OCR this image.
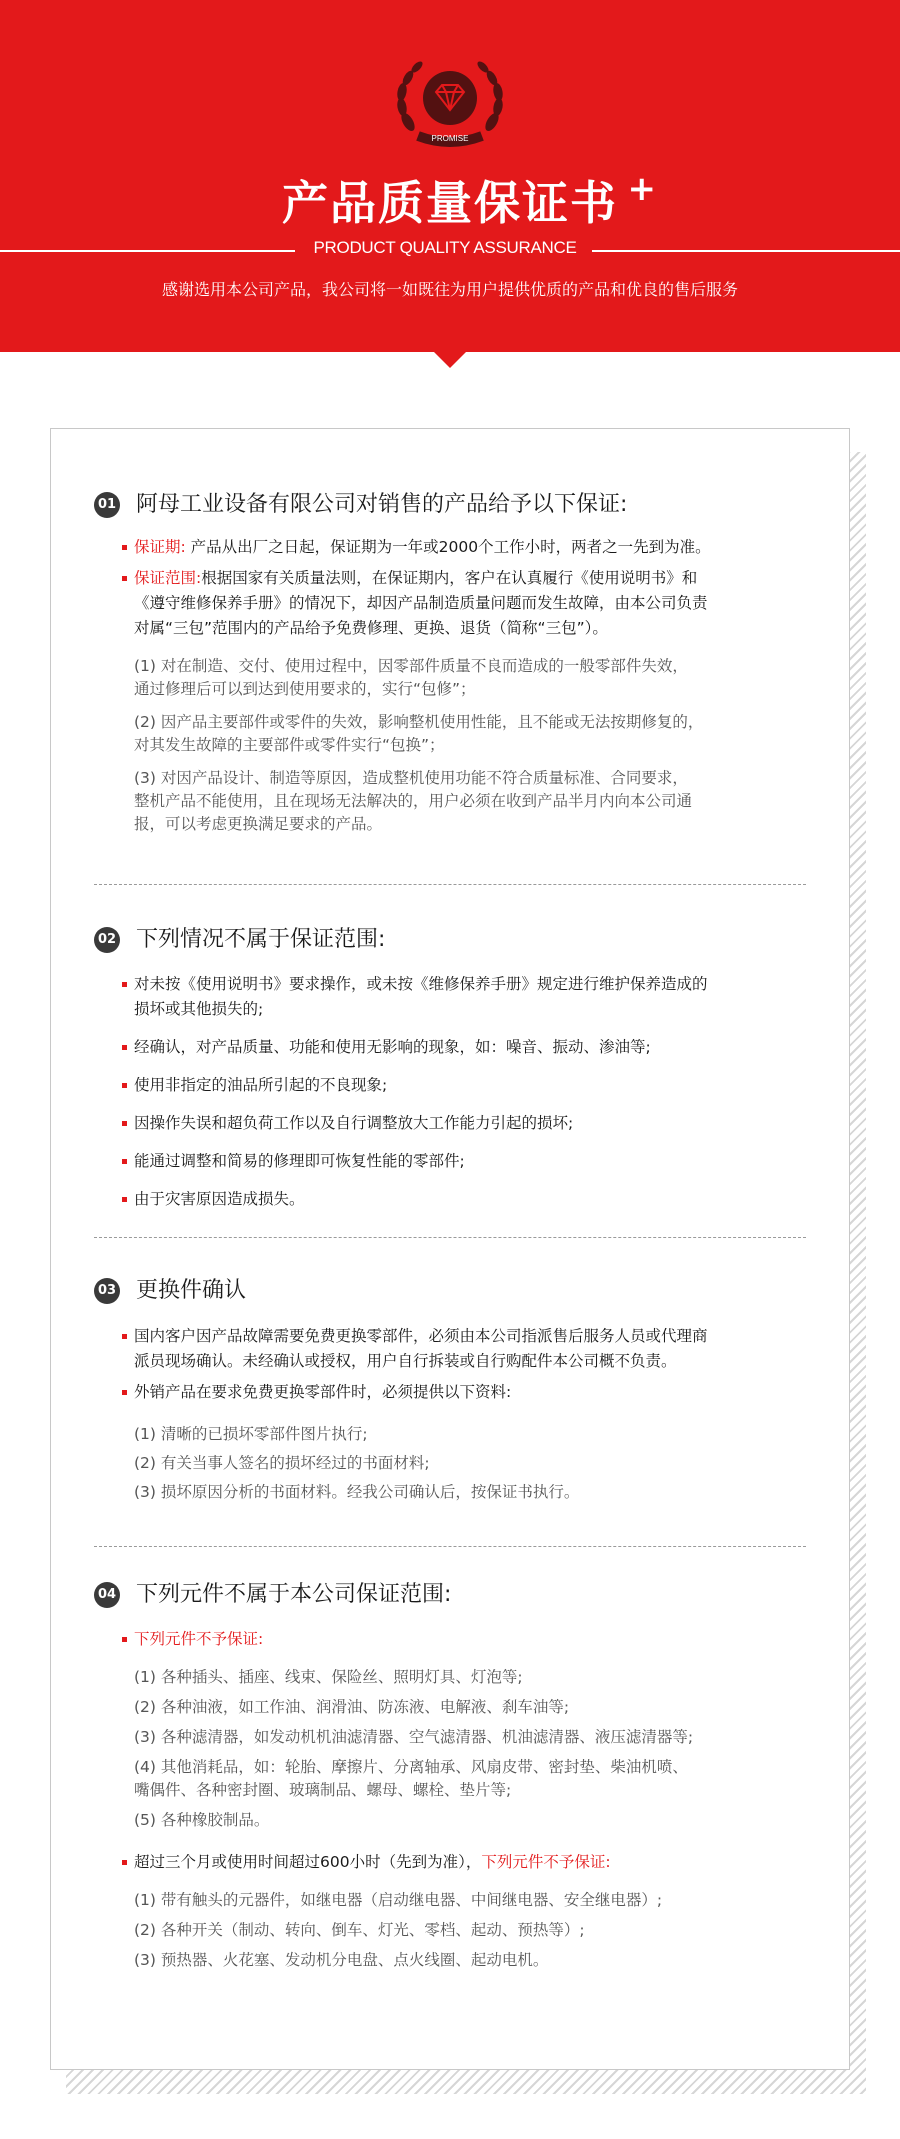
PROMISE
产品质量保证书 +
PRODUCT QUALITY ASSURANCE
感谢选用本公司产品，我公司将一如既往为用户提供优质的产品和优良的售后服务
01 阿母工业设备有限公司对销售的产品给予以下保证:
保证期: 产品从出厂之日起，保证期为一年或2000个工作小时，两者之一先到为准。
保证范围:根据国家有关质量法则，在保证期内，客户在认真履行《使用说明书》和
《遵守维修保养手册》的情况下，却因产品制造质量问题而发生故障，由本公司负责
对属“三包”范围内的产品给予免费修理、更换、退货（简称“三包”）。
(1) 对在制造、交付、使用过程中，因零部件质量不良而造成的一般零部件失效，
通过修理后可以到达到使用要求的，实行“包修”；
(2) 因产品主要部件或零件的失效，影响整机使用性能，且不能或无法按期修复的，
对其发生故障的主要部件或零件实行“包换”；
(3) 对因产品设计、制造等原因，造成整机使用功能不符合质量标准、合同要求，
整机产品不能使用，且在现场无法解决的，用户必须在收到产品半月内向本公司通
报，可以考虑更换满足要求的产品。
02 下列情况不属于保证范围:
对未按《使用说明书》要求操作，或未按《维修保养手册》规定进行维护保养造成的
损坏或其他损失的;
经确认，对产品质量、功能和使用无影响的现象，如：噪音、振动、渗油等;
使用非指定的油品所引起的不良现象;
因操作失误和超负荷工作以及自行调整放大工作能力引起的损坏;
能通过调整和简易的修理即可恢复性能的零部件;
由于灾害原因造成损失。
03 更换件确认
国内客户因产品故障需要免费更换零部件，必须由本公司指派售后服务人员或代理商
派员现场确认。未经确认或授权，用户自行拆装或自行购配件本公司概不负责。
外销产品在要求免费更换零部件时，必须提供以下资料:
(1) 清晰的已损坏零部件图片执行;
(2) 有关当事人签名的损坏经过的书面材料;
(3) 损坏原因分析的书面材料。经我公司确认后，按保证书执行。
04 下列元件不属于本公司保证范围:
下列元件不予保证:
(1) 各种插头、插座、线束、保险丝、照明灯具、灯泡等;
(2) 各种油液，如工作油、润滑油、防冻液、电解液、刹车油等;
(3) 各种滤清器，如发动机机油滤清器、空气滤清器、机油滤清器、液压滤清器等;
(4) 其他消耗品，如：轮胎、摩擦片、分离轴承、风扇皮带、密封垫、柴油机喷、
嘴偶件、各种密封圈、玻璃制品、螺母、螺栓、垫片等;
(5) 各种橡胶制品。
超过三个月或使用时间超过600小时（先到为准），下列元件不予保证:
(1) 带有触头的元器件，如继电器（启动继电器、中间继电器、安全继电器）;
(2) 各种开关（制动、转向、倒车、灯光、零档、起动、预热等）;
(3) 预热器、火花塞、发动机分电盘、点火线圈、起动电机。
